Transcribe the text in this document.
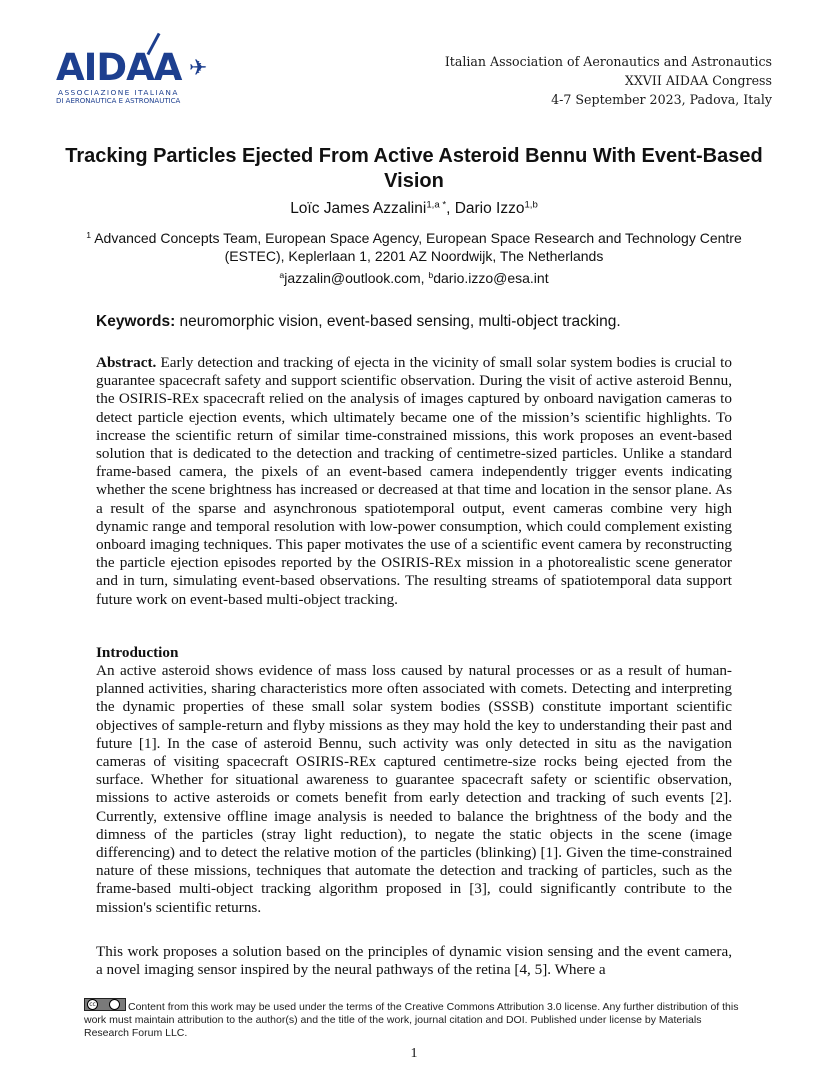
AIDAA ✈
ASSOCIAZIONE ITALIANA
DI AERONAUTICA E ASTRONAUTICA
Italian Association of Aeronautics and Astronautics
XXVII AIDAA Congress
4-7 September 2023, Padova, Italy
Tracking Particles Ejected From Active Asteroid Bennu With Event-Based Vision
Loïc James Azzalini$^{1,a *}$, Dario Izzo$^{1,b}$
$^1$ Advanced Concepts Team, European Space Agency, European Space Research and Technology Centre (ESTEC), Keplerlaan 1, 2201 AZ Noordwijk, The Netherlands
$^a$jazzalin@outlook.com, $^b$dario.izzo@esa.int
Keywords: neuromorphic vision, event-based sensing, multi-object tracking.

Abstract. Early detection and tracking of ejecta in the vicinity of small solar system bodies is crucial to guarantee spacecraft safety and support scientific observation. During the visit of active asteroid Bennu, the OSIRIS-REx spacecraft relied on the analysis of images captured by onboard navigation cameras to detect particle ejection events, which ultimately became one of the mission’s scientific highlights. To increase the scientific return of similar time-constrained missions, this work proposes an event-based solution that is dedicated to the detection and tracking of centimetre-sized particles. Unlike a standard frame-based camera, the pixels of an event-based camera independently trigger events indicating whether the scene brightness has increased or decreased at that time and location in the sensor plane. As a result of the sparse and asynchronous spatiotemporal output, event cameras combine very high dynamic range and temporal resolution with low-power consumption, which could complement existing onboard imaging techniques. This paper motivates the use of a scientific event camera by reconstructing the particle ejection episodes reported by the OSIRIS-REx mission in a photorealistic scene generator and in turn, simulating event-based observations. The resulting streams of spatiotemporal data support future work on event-based multi-object tracking.

Introduction

An active asteroid shows evidence of mass loss caused by natural processes or as a result of human-planned activities, sharing characteristics more often associated with comets. Detecting and interpreting the dynamic properties of these small solar system bodies (SSSB) constitute important scientific objectives of sample-return and flyby missions as they may hold the key to understanding their past and future [1]. In the case of asteroid Bennu, such activity was only detected in situ as the navigation cameras of visiting spacecraft OSIRIS-REx captured centimetre-size rocks being ejected from the surface. Whether for situational awareness to guarantee spacecraft safety or scientific observation, missions to active asteroids or comets benefit from early detection and tracking of such events [2]. Currently, extensive offline image analysis is needed to balance the brightness of the body and the dimness of the particles (stray light reduction), to negate the static objects in the scene (image differencing) and to detect the relative motion of the particles (blinking) [1]. Given the time-constrained nature of these missions, techniques that automate the detection and tracking of particles, such as the frame-based multi-object tracking algorithm proposed in [3], could significantly contribute to the mission's scientific returns.

This work proposes a solution based on the principles of dynamic vision sensing and the event camera, a novel imaging sensor inspired by the neural pathways of the retina [4, 5]. Where a

cc	Content from this work may be used under the terms of the Creative Commons Attribution 3.0 license. Any further distribution of this work must maintain attribution to the author(s) and the title of the work, journal citation and DOI. Published under license by Materials Research Forum LLC.
1
